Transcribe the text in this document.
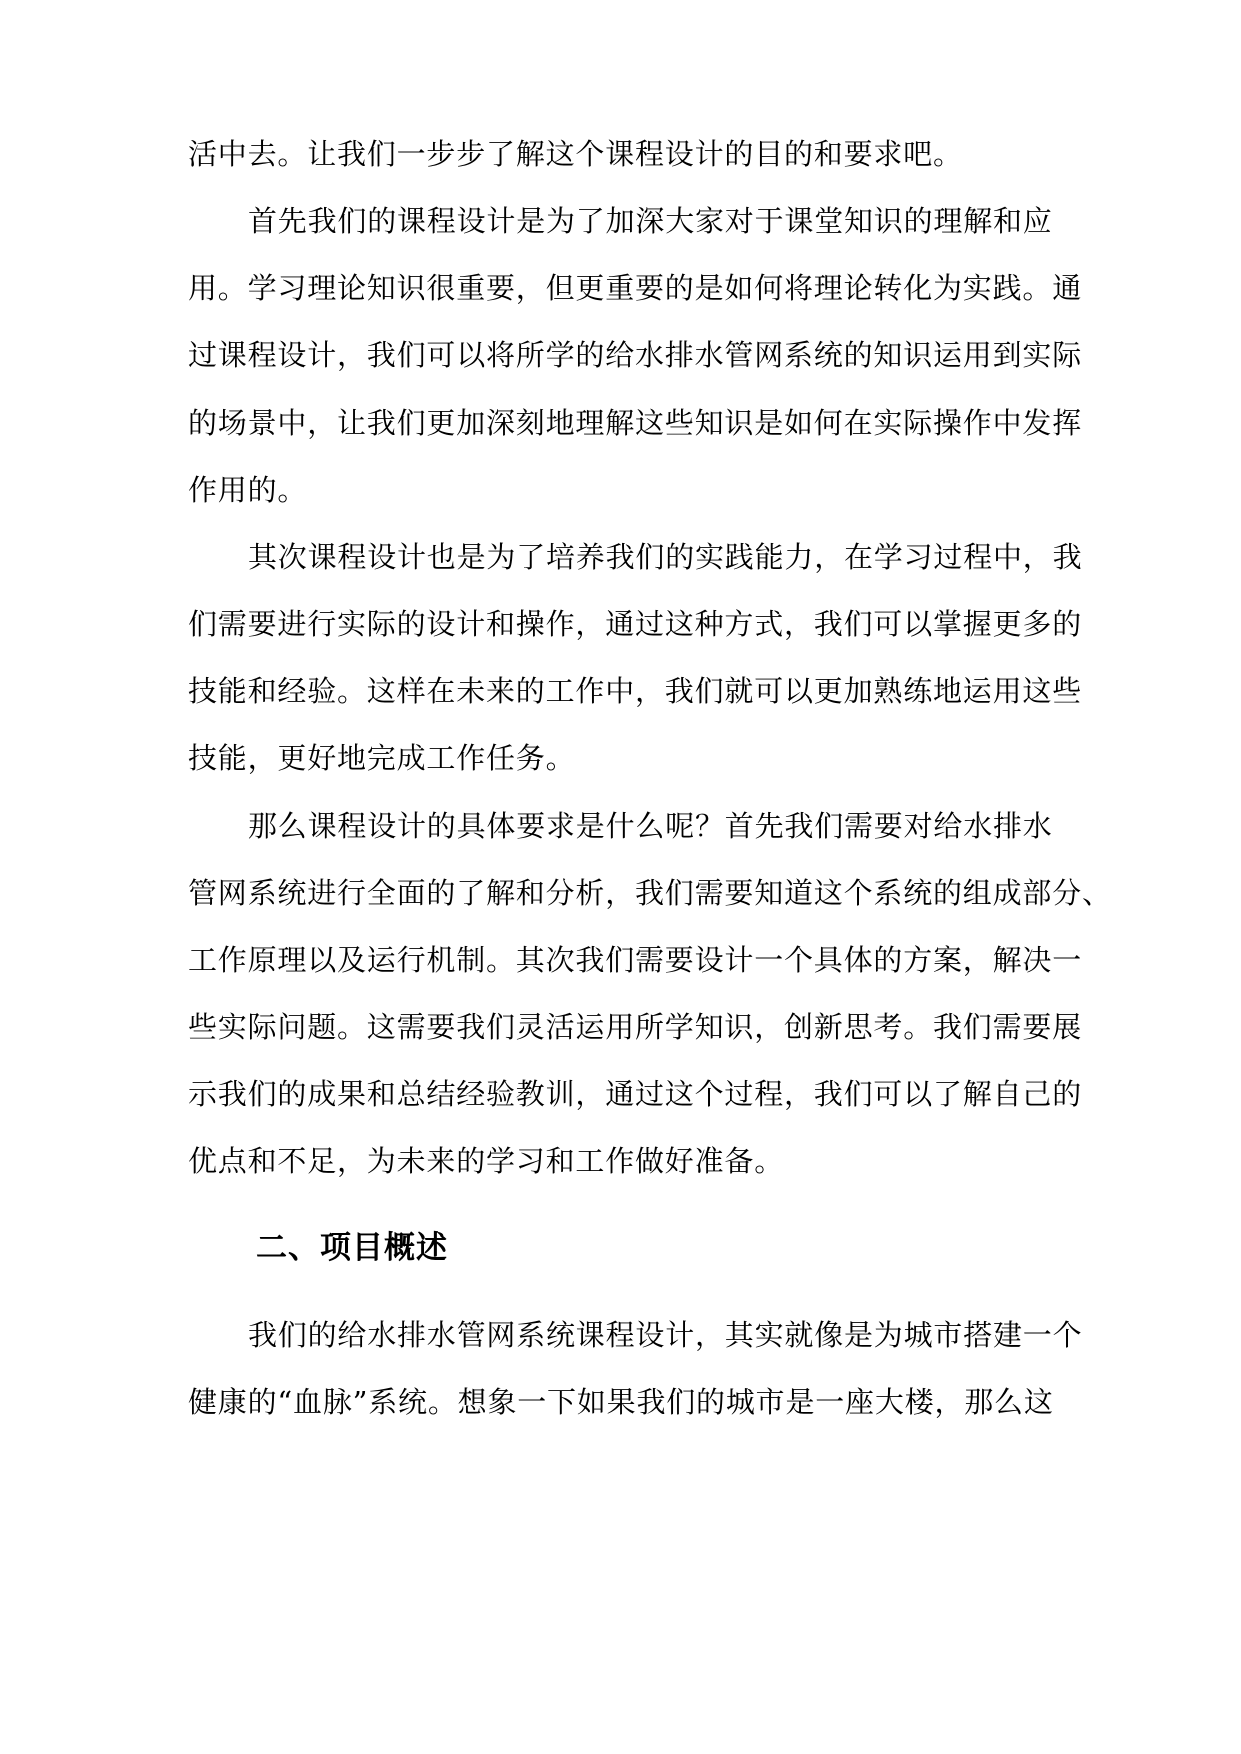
活中去。让我们一步步了解这个课程设计的目的和要求吧。
首先我们的课程设计是为了加深大家对于课堂知识的理解和应
用。学习理论知识很重要，但更重要的是如何将理论转化为实践。通
过课程设计，我们可以将所学的给水排水管网系统的知识运用到实际
的场景中，让我们更加深刻地理解这些知识是如何在实际操作中发挥
作用的。
其次课程设计也是为了培养我们的实践能力，在学习过程中，我
们需要进行实际的设计和操作，通过这种方式，我们可以掌握更多的
技能和经验。这样在未来的工作中，我们就可以更加熟练地运用这些
技能，更好地完成工作任务。
那么课程设计的具体要求是什么呢？首先我们需要对给水排水
管网系统进行全面的了解和分析，我们需要知道这个系统的组成部分、
工作原理以及运行机制。其次我们需要设计一个具体的方案，解决一
些实际问题。这需要我们灵活运用所学知识，创新思考。我们需要展
示我们的成果和总结经验教训，通过这个过程，我们可以了解自己的
优点和不足，为未来的学习和工作做好准备。
二、项目概述
我们的给水排水管网系统课程设计，其实就像是为城市搭建一个
健康的“血脉”系统。想象一下如果我们的城市是一座大楼，那么这
